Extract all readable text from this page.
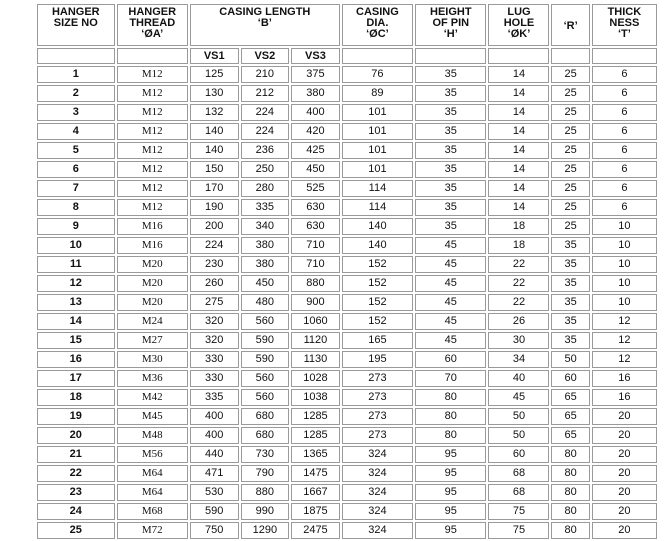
HANGER
SIZE NO	HANGER
THREAD
‘ØA’	CASING LENGTH
‘B’			CASING
DIA.
‘ØC’	HEIGHT
OF PIN
‘H’	LUG
HOLE
‘ØK’	‘R’	THICK
NESS
‘T’

		VS1	VS2	VS3					
1	M12	125	210	375	76	35	14	25	6
2	M12	130	212	380	89	35	14	25	6
3	M12	132	224	400	101	35	14	25	6
4	M12	140	224	420	101	35	14	25	6
5	M12	140	236	425	101	35	14	25	6
6	M12	150	250	450	101	35	14	25	6
7	M12	170	280	525	114	35	14	25	6
8	M12	190	335	630	114	35	14	25	6
9	M16	200	340	630	140	35	18	25	10
10	M16	224	380	710	140	45	18	35	10
11	M20	230	380	710	152	45	22	35	10
12	M20	260	450	880	152	45	22	35	10
13	M20	275	480	900	152	45	22	35	10
14	M24	320	560	1060	152	45	26	35	12
15	M27	320	590	1120	165	45	30	35	12
16	M30	330	590	1130	195	60	34	50	12
17	M36	330	560	1028	273	70	40	60	16
18	M42	335	560	1038	273	80	45	65	16
19	M45	400	680	1285	273	80	50	65	20
20	M48	400	680	1285	273	80	50	65	20
21	M56	440	730	1365	324	95	60	80	20
22	M64	471	790	1475	324	95	68	80	20
23	M64	530	880	1667	324	95	68	80	20
24	M68	590	990	1875	324	95	75	80	20
25	M72	750	1290	2475	324	95	75	80	20
